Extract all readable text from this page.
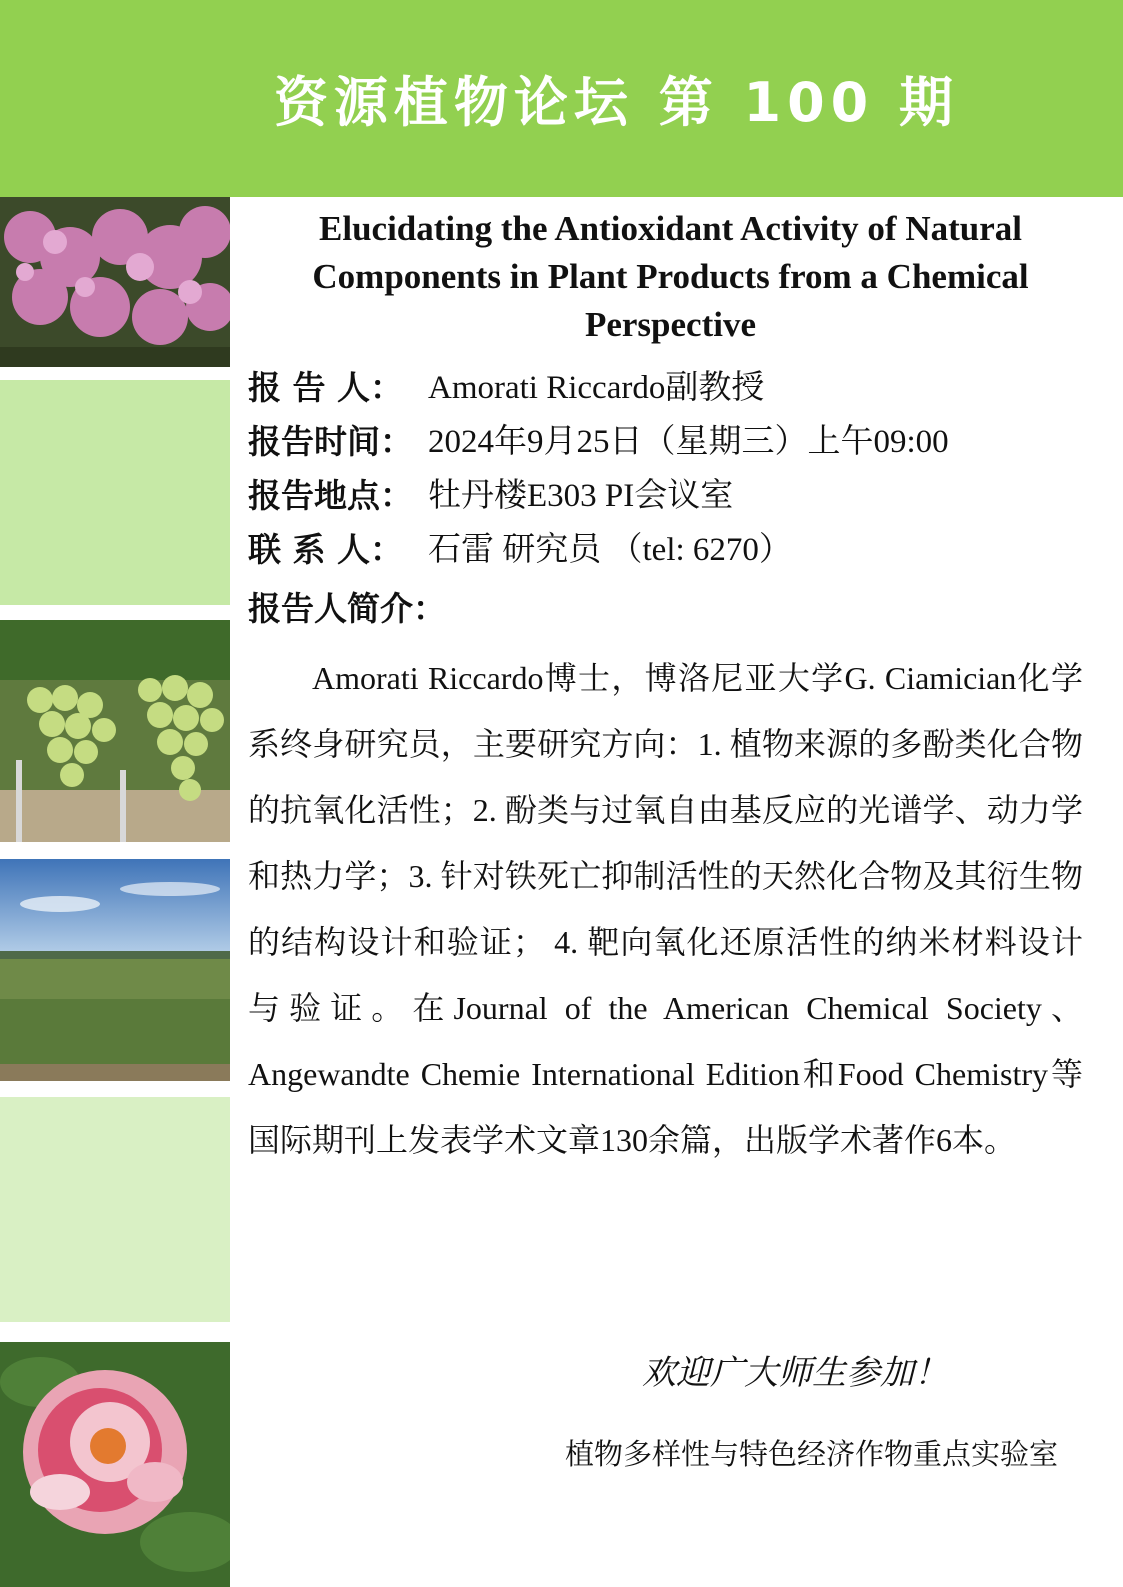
资源植物论坛 第 100 期
Elucidating the Antioxidant Activity of Natural Components in Plant Products from a Chemical Perspective
报 告 人： Amorati Riccardo副教授
报告时间： 2024年9月25日（星期三）上午09:00
报告地点： 牡丹楼E303 PI会议室
联 系 人： 石雷 研究员 （tel: 6270）
报告人简介：

Amorati Riccardo博士，博洛尼亚大学G. Ciamician化学系终身研究员，主要研究方向：1. 植物来源的多酚类化合物的抗氧化活性；2. 酚类与过氧自由基反应的光谱学、动力学和热力学；3. 针对铁死亡抑制活性的天然化合物及其衍生物的结构设计和验证； 4. 靶向氧化还原活性的纳米材料设计与验证。在Journal of the American Chemical Society、Angewandte Chemie International Edition和Food Chemistry等国际期刊上发表学术文章130余篇，出版学术著作6本。

欢迎广大师生参加！
植物多样性与特色经济作物重点实验室
